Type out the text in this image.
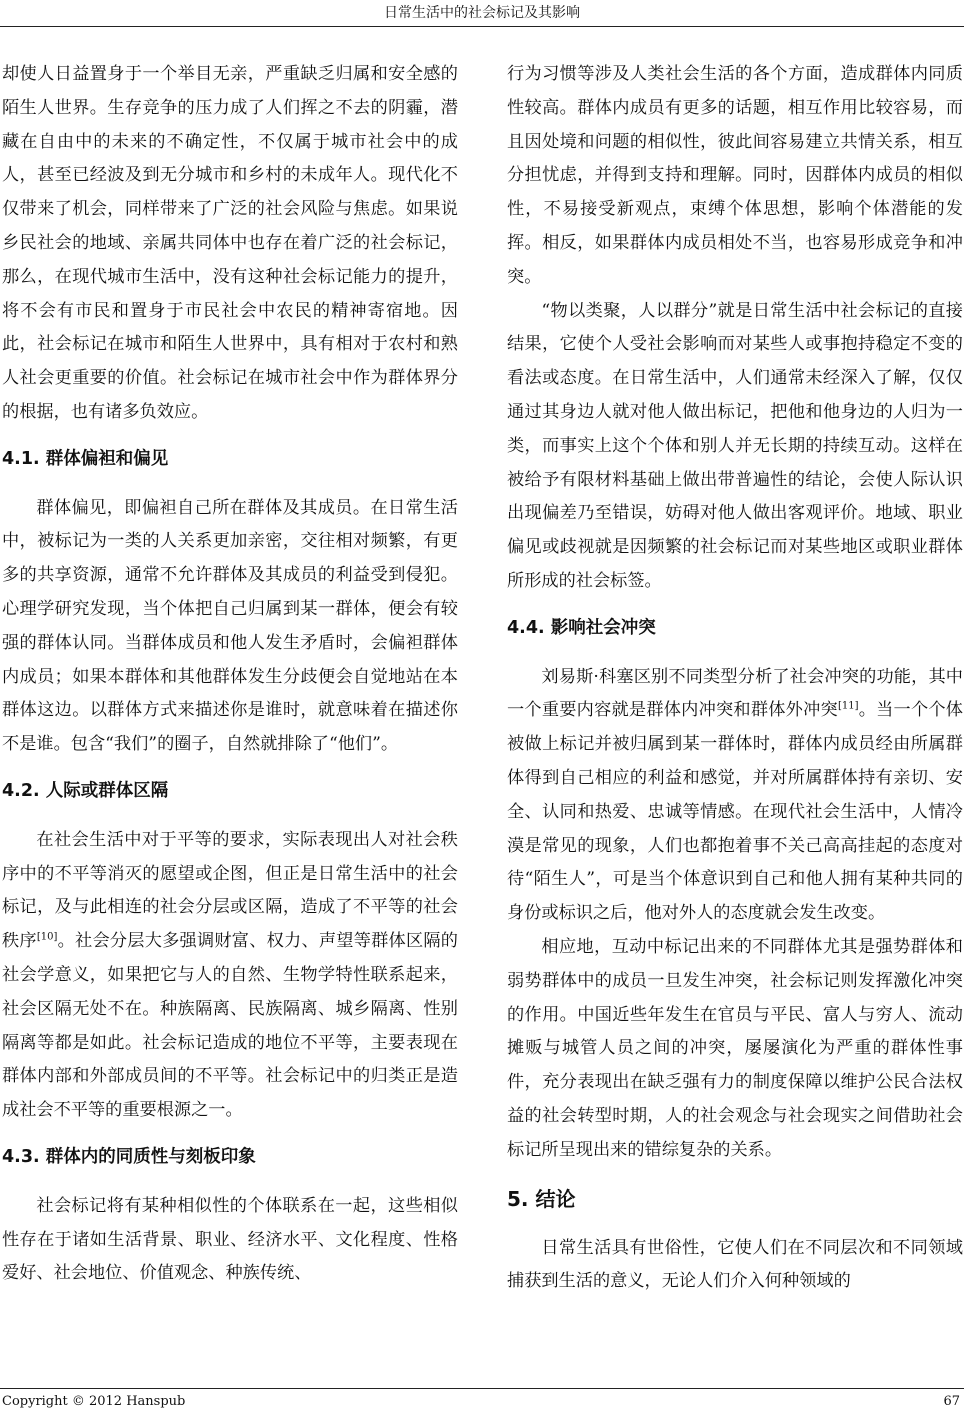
日常生活中的社会标记及其影响

却使人日益置身于一个举目无亲，严重缺乏归属和安全感的陌生人世界。生存竞争的压力成了人们挥之不去的阴霾，潜藏在自由中的未来的不确定性，不仅属于城市社会中的成人，甚至已经波及到无分城市和乡村的未成年人。现代化不仅带来了机会，同样带来了广泛的社会风险与焦虑。如果说乡民社会的地域、亲属共同体中也存在着广泛的社会标记，那么，在现代城市生活中，没有这种社会标记能力的提升，将不会有市民和置身于市民社会中农民的精神寄宿地。因此，社会标记在城市和陌生人世界中，具有相对于农村和熟人社会更重要的价值。社会标记在城市社会中作为群体界分的根据，也有诸多负效应。

4.1. 群体偏袒和偏见

群体偏见，即偏袒自己所在群体及其成员。在日常生活中，被标记为一类的人关系更加亲密，交往相对频繁，有更多的共享资源，通常不允许群体及其成员的利益受到侵犯。心理学研究发现，当个体把自己归属到某一群体，便会有较强的群体认同。当群体成员和他人发生矛盾时，会偏袒群体内成员；如果本群体和其他群体发生分歧便会自觉地站在本群体这边。以群体方式来描述你是谁时，就意味着在描述你不是谁。包含“我们”的圈子，自然就排除了“他们”。

4.2. 人际或群体区隔

在社会生活中对于平等的要求，实际表现出人对社会秩序中的不平等消灭的愿望或企图，但正是日常生活中的社会标记，及与此相连的社会分层或区隔，造成了不平等的社会秩序[10]。社会分层大多强调财富、权力、声望等群体区隔的社会学意义，如果把它与人的自然、生物学特性联系起来，社会区隔无处不在。种族隔离、民族隔离、城乡隔离、性别隔离等都是如此。社会标记造成的地位不平等，主要表现在群体内部和外部成员间的不平等。社会标记中的归类正是造成社会不平等的重要根源之一。

4.3. 群体内的同质性与刻板印象

社会标记将有某种相似性的个体联系在一起，这些相似性存在于诸如生活背景、职业、经济水平、文化程度、性格爱好、社会地位、价值观念、种族传统、

行为习惯等涉及人类社会生活的各个方面，造成群体内同质性较高。群体内成员有更多的话题，相互作用比较容易，而且因处境和问题的相似性，彼此间容易建立共情关系，相互分担忧虑，并得到支持和理解。同时，因群体内成员的相似性，不易接受新观点，束缚个体思想，影响个体潜能的发挥。相反，如果群体内成员相处不当，也容易形成竞争和冲突。

“物以类聚，人以群分”就是日常生活中社会标记的直接结果，它使个人受社会影响而对某些人或事抱持稳定不变的看法或态度。在日常生活中，人们通常未经深入了解，仅仅通过其身边人就对他人做出标记，把他和他身边的人归为一类，而事实上这个个体和别人并无长期的持续互动。这样在被给予有限材料基础上做出带普遍性的结论，会使人际认识出现偏差乃至错误，妨碍对他人做出客观评价。地域、职业偏见或歧视就是因频繁的社会标记而对某些地区或职业群体所形成的社会标签。

4.4. 影响社会冲突

刘易斯·科塞区别不同类型分析了社会冲突的功能，其中一个重要内容就是群体内冲突和群体外冲突[11]。当一个个体被做上标记并被归属到某一群体时，群体内成员经由所属群体得到自己相应的利益和感觉，并对所属群体持有亲切、安全、认同和热爱、忠诚等情感。在现代社会生活中，人情冷漠是常见的现象，人们也都抱着事不关己高高挂起的态度对待“陌生人”，可是当个体意识到自己和他人拥有某种共同的身份或标识之后，他对外人的态度就会发生改变。

相应地，互动中标记出来的不同群体尤其是强势群体和弱势群体中的成员一旦发生冲突，社会标记则发挥激化冲突的作用。中国近些年发生在官员与平民、富人与穷人、流动摊贩与城管人员之间的冲突，屡屡演化为严重的群体性事件，充分表现出在缺乏强有力的制度保障以维护公民合法权益的社会转型时期，人的社会观念与社会现实之间借助社会标记所呈现出来的错综复杂的关系。

5. 结论

日常生活具有世俗性，它使人们在不同层次和不同领域捕获到生活的意义，无论人们介入何种领域的

Copyright © 2012 Hanspub	67
